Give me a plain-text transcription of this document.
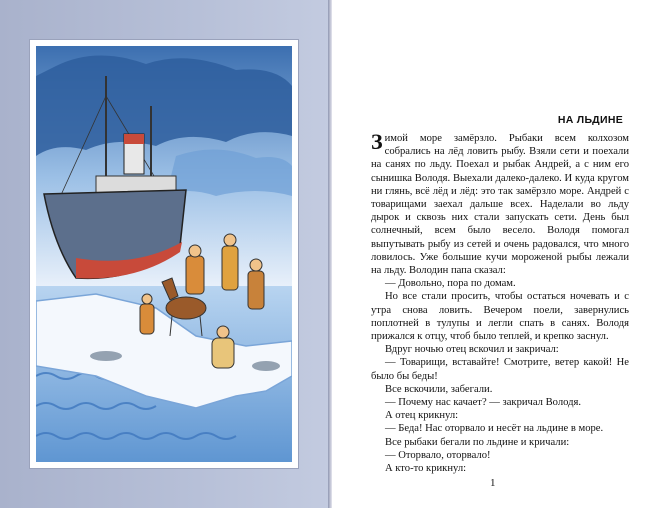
НА ЛЬДИНЕ

Зимой море замёрзло. Рыбаки всем колхозом собрались на лёд ловить рыбу. Взяли сети и поехали на санях по льду. Поехал и рыбак Андрей, а с ним его сынишка Володя. Выехали далеко-далеко. И куда кругом ни глянь, всё лёд и лёд: это так замёрзло море. Андрей с товарищами заехал дальше всех. Наделали во льду дырок и сквозь них стали запускать сети. День был солнечный, всем было весело. Володя помогал выпутывать рыбу из сетей и очень радовался, что много ловилось. Уже большие кучи мороженой рыбы лежали на льду. Володин папа сказал:

— Довольно, пора по домам.

Но все стали просить, чтобы остаться ночевать и с утра снова ловить. Вечером поели, завернулись поплотней в тулупы и легли спать в санях. Володя прижался к отцу, чтоб было теплей, и крепко заснул.

Вдруг ночью отец вскочил и закричал:

— Товарищи, вставайте! Смотрите, ветер какой! Не было бы беды!

Все вскочили, забегали.

— Почему нас качает? — закричал Володя.

А отец крикнул:

— Беда! Нас оторвало и несёт на льдине в море.

Все рыбаки бегали по льдине и кричали:

— Оторвало, оторвало!

А кто-то крикнул:

1
